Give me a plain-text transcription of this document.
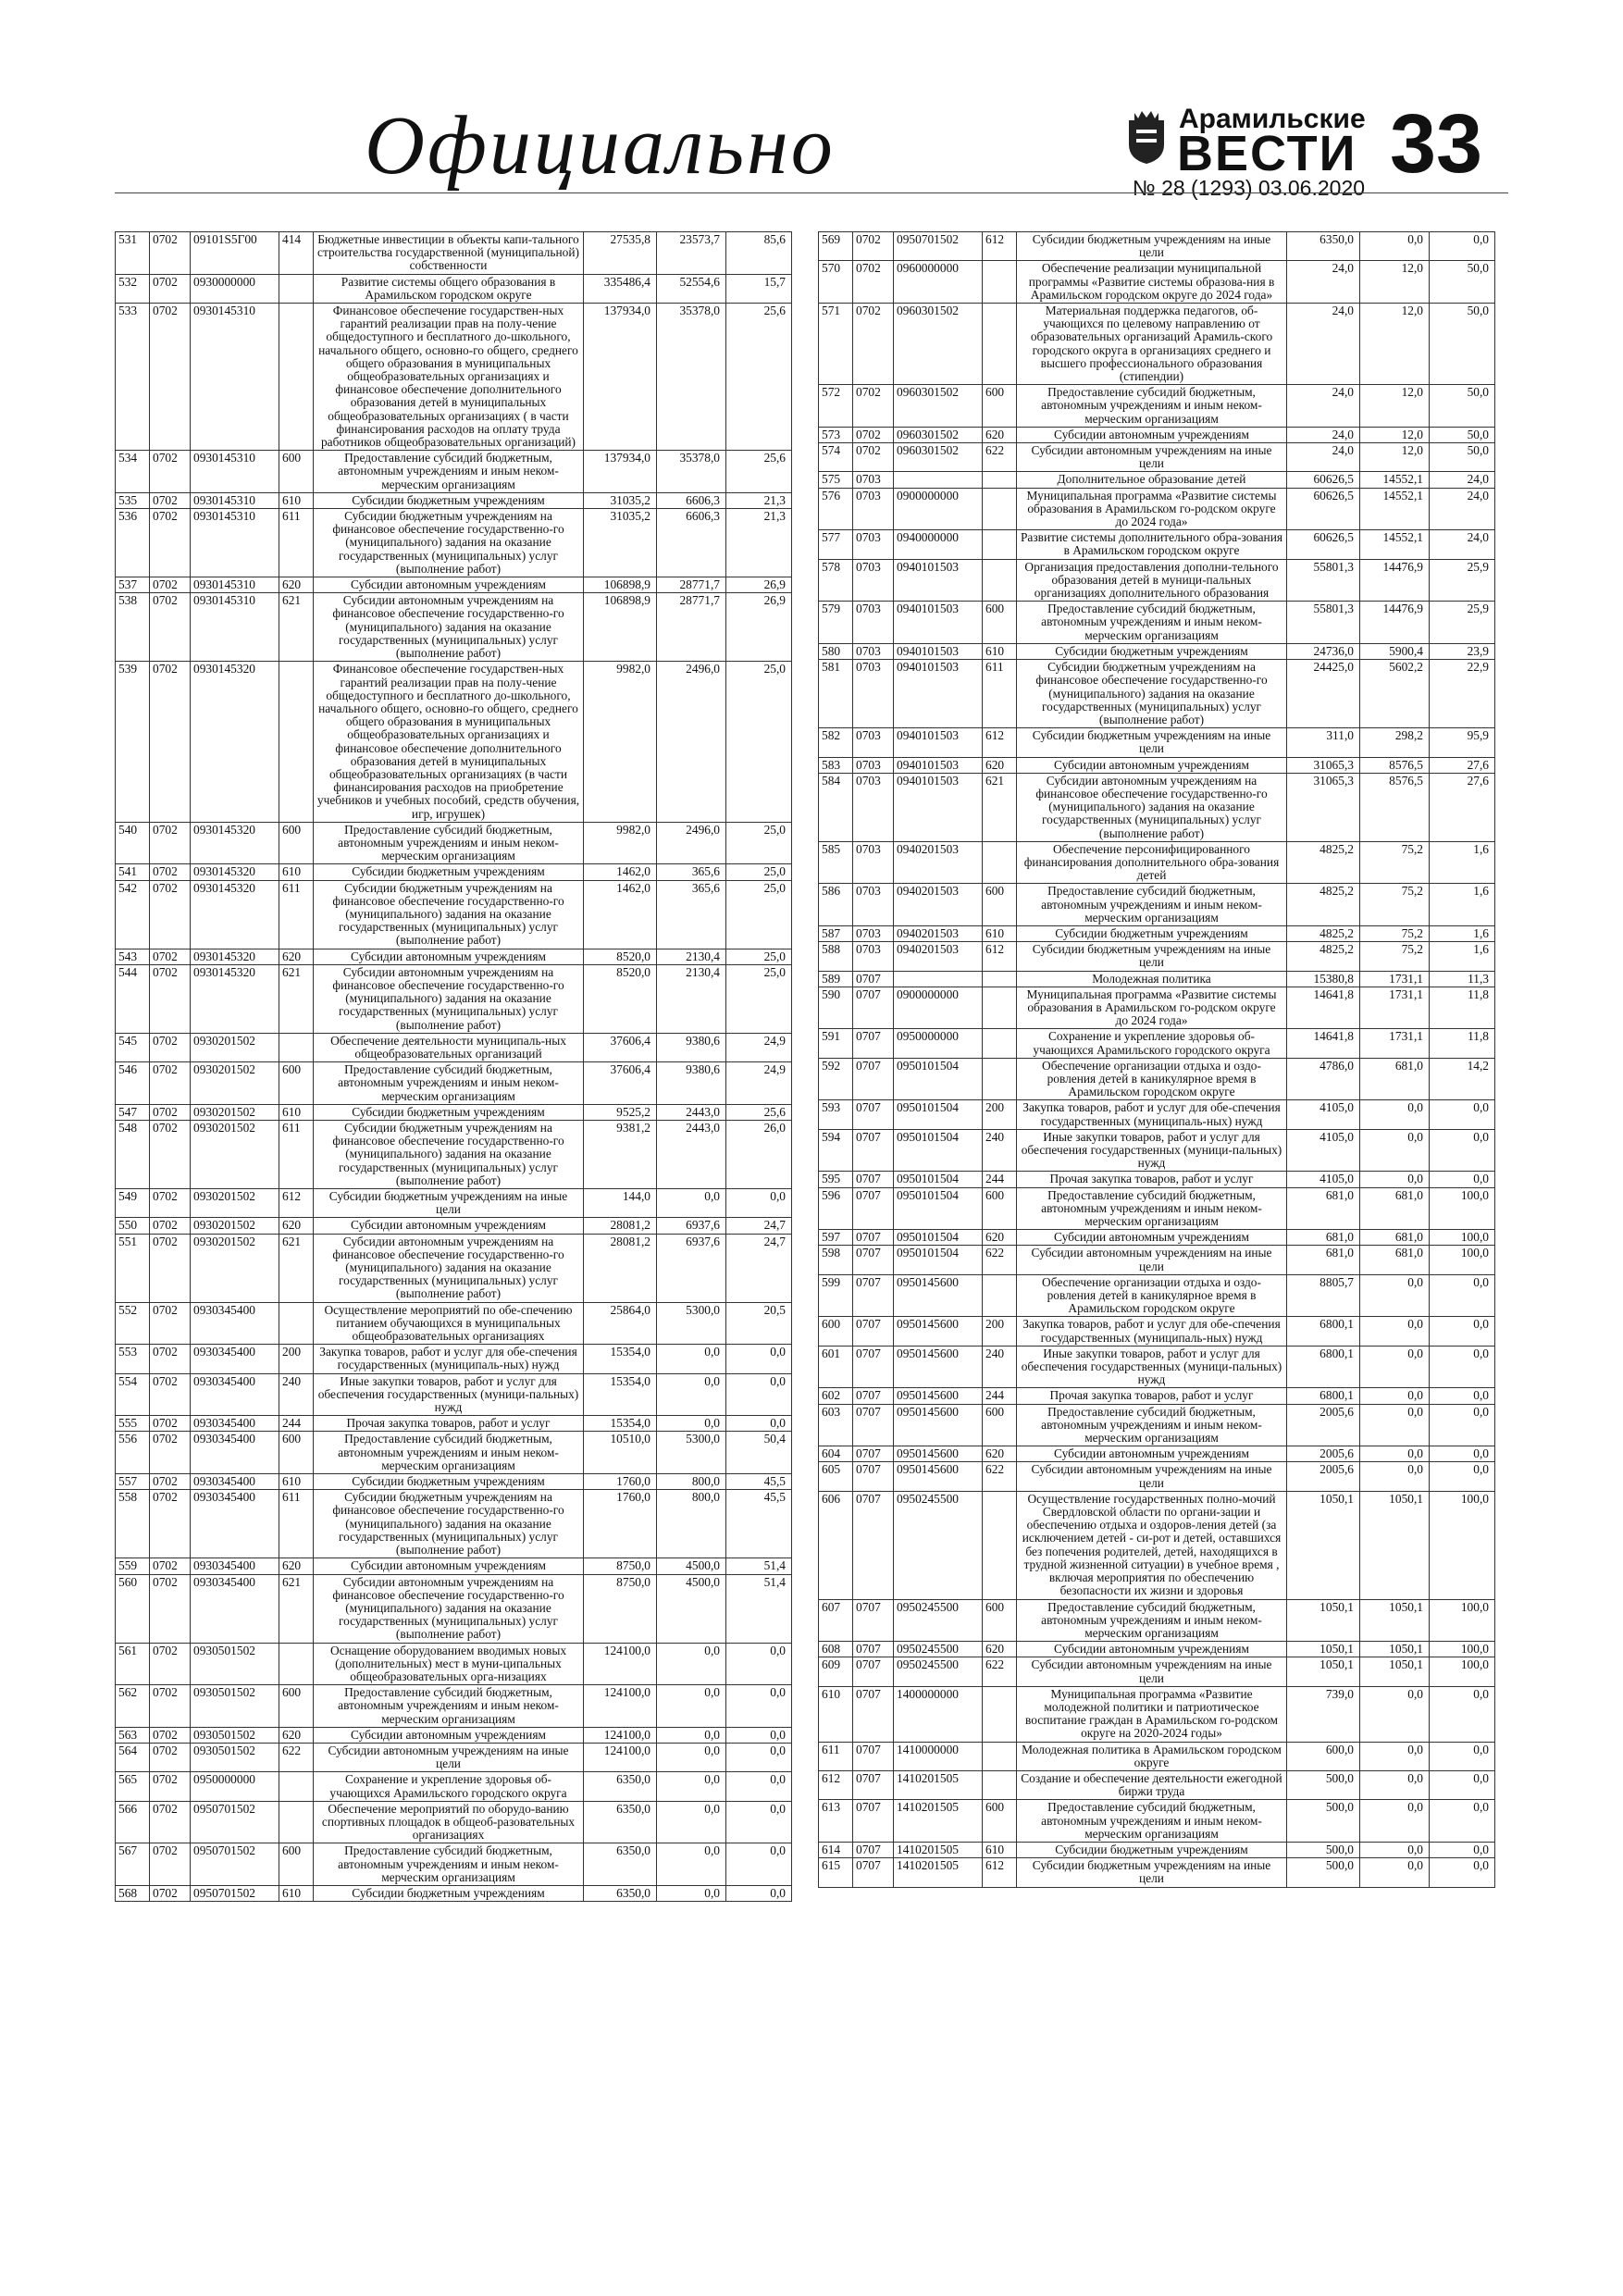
Официально	Арамильские
ВЕСТИ
№ 28 (1293) 03.06.2020 33
531	0702	09101S5Г00	414	Бюджетные инвестиции в объекты капи-тального строительства государственной (муниципальной) собственности	27535,8	23573,7	85,6
532	0702	0930000000		Развитие системы общего образования в Арамильском городском округе	335486,4	52554,6	15,7
533	0702	0930145310		Финансовое обеспечение государствен-ных гарантий реализации прав на полу-чение общедоступного и бесплатного до-школьного, начального общего, основно-го общего, среднего общего образования в муниципальных общеобразовательных организациях и финансовое обеспечение дополнительного образования детей в муниципальных общеобразовательных организациях ( в части финансирования расходов на оплату труда работников общеобразовательных организаций)	137934,0	35378,0	25,6
534	0702	0930145310	600	Предоставление субсидий бюджетным, автономным учреждениям и иным неком-мерческим организациям	137934,0	35378,0	25,6
535	0702	0930145310	610	Субсидии бюджетным учреждениям	31035,2	6606,3	21,3
536	0702	0930145310	611	Субсидии бюджетным учреждениям на финансовое обеспечение государственно-го (муниципального) задания на оказание государственных (муниципальных) услуг (выполнение работ)	31035,2	6606,3	21,3
537	0702	0930145310	620	Субсидии автономным учреждениям	106898,9	28771,7	26,9
538	0702	0930145310	621	Субсидии автономным учреждениям на финансовое обеспечение государственно-го (муниципального) задания на оказание государственных (муниципальных) услуг (выполнение работ)	106898,9	28771,7	26,9
539	0702	0930145320		Финансовое обеспечение государствен-ных гарантий реализации прав на полу-чение общедоступного и бесплатного до-школьного, начального общего, основно-го общего, среднего общего образования в муниципальных общеобразовательных организациях и финансовое обеспечение дополнительного образования детей в муниципальных общеобразовательных организациях (в части финансирования расходов на приобретение учебников и учебных пособий, средств обучения, игр, игрушек)	9982,0	2496,0	25,0
540	0702	0930145320	600	Предоставление субсидий бюджетным, автономным учреждениям и иным неком-мерческим организациям	9982,0	2496,0	25,0
541	0702	0930145320	610	Субсидии бюджетным учреждениям	1462,0	365,6	25,0
542	0702	0930145320	611	Субсидии бюджетным учреждениям на финансовое обеспечение государственно-го (муниципального) задания на оказание государственных (муниципальных) услуг (выполнение работ)	1462,0	365,6	25,0
543	0702	0930145320	620	Субсидии автономным учреждениям	8520,0	2130,4	25,0
544	0702	0930145320	621	Субсидии автономным учреждениям на финансовое обеспечение государственно-го (муниципального) задания на оказание государственных (муниципальных) услуг (выполнение работ)	8520,0	2130,4	25,0
545	0702	0930201502		Обеспечение деятельности муниципаль-ных общеобразовательных организаций	37606,4	9380,6	24,9
546	0702	0930201502	600	Предоставление субсидий бюджетным, автономным учреждениям и иным неком-мерческим организациям	37606,4	9380,6	24,9
547	0702	0930201502	610	Субсидии бюджетным учреждениям	9525,2	2443,0	25,6
548	0702	0930201502	611	Субсидии бюджетным учреждениям на финансовое обеспечение государственно-го (муниципального) задания на оказание государственных (муниципальных) услуг (выполнение работ)	9381,2	2443,0	26,0
549	0702	0930201502	612	Субсидии бюджетным учреждениям на иные цели	144,0	0,0	0,0
550	0702	0930201502	620	Субсидии автономным учреждениям	28081,2	6937,6	24,7
551	0702	0930201502	621	Субсидии автономным учреждениям на финансовое обеспечение государственно-го (муниципального) задания на оказание государственных (муниципальных) услуг (выполнение работ)	28081,2	6937,6	24,7
552	0702	0930345400		Осуществление мероприятий по обе-спечению питанием обучающихся в муниципальных общеобразовательных организациях	25864,0	5300,0	20,5
553	0702	0930345400	200	Закупка товаров, работ и услуг для обе-спечения государственных (муниципаль-ных) нужд	15354,0	0,0	0,0
554	0702	0930345400	240	Иные закупки товаров, работ и услуг для обеспечения государственных (муници-пальных) нужд	15354,0	0,0	0,0
555	0702	0930345400	244	Прочая закупка товаров, работ и услуг	15354,0	0,0	0,0
556	0702	0930345400	600	Предоставление субсидий бюджетным, автономным учреждениям и иным неком-мерческим организациям	10510,0	5300,0	50,4
557	0702	0930345400	610	Субсидии бюджетным учреждениям	1760,0	800,0	45,5
558	0702	0930345400	611	Субсидии бюджетным учреждениям на финансовое обеспечение государственно-го (муниципального) задания на оказание государственных (муниципальных) услуг (выполнение работ)	1760,0	800,0	45,5
559	0702	0930345400	620	Субсидии автономным учреждениям	8750,0	4500,0	51,4
560	0702	0930345400	621	Субсидии автономным учреждениям на финансовое обеспечение государственно-го (муниципального) задания на оказание государственных (муниципальных) услуг (выполнение работ)	8750,0	4500,0	51,4
561	0702	0930501502		Оснащение оборудованием вводимых новых (дополнительных) мест в муни-ципальных общеобразовательных орга-низациях	124100,0	0,0	0,0
562	0702	0930501502	600	Предоставление субсидий бюджетным, автономным учреждениям и иным неком-мерческим организациям	124100,0	0,0	0,0
563	0702	0930501502	620	Субсидии автономным учреждениям	124100,0	0,0	0,0
564	0702	0930501502	622	Субсидии автономным учреждениям на иные цели	124100,0	0,0	0,0
565	0702	0950000000		Сохранение и укрепление здоровья об-учающихся Арамильского городского округа	6350,0	0,0	0,0
566	0702	0950701502		Обеспечение мероприятий по оборудо-ванию спортивных площадок в общеоб-разовательных организациях	6350,0	0,0	0,0
567	0702	0950701502	600	Предоставление субсидий бюджетным, автономным учреждениям и иным неком-мерческим организациям	6350,0	0,0	0,0
568	0702	0950701502	610	Субсидии бюджетным учреждениям	6350,0	0,0	0,0
569	0702	0950701502	612	Субсидии бюджетным учреждениям на иные цели	6350,0	0,0	0,0
570	0702	0960000000		Обеспечение реализации муниципальной программы «Развитие системы образова-ния в Арамильском городском округе до 2024 года»	24,0	12,0	50,0
571	0702	0960301502		Материальная поддержка педагогов, об-учающихся по целевому направлению от образовательных организаций Арамиль-ского городского округа в организациях среднего и высшего профессионального образования (стипендии)	24,0	12,0	50,0
572	0702	0960301502	600	Предоставление субсидий бюджетным, автономным учреждениям и иным неком-мерческим организациям	24,0	12,0	50,0
573	0702	0960301502	620	Субсидии автономным учреждениям	24,0	12,0	50,0
574	0702	0960301502	622	Субсидии автономным учреждениям на иные цели	24,0	12,0	50,0
575	0703			Дополнительное образование детей	60626,5	14552,1	24,0
576	0703	0900000000		Муниципальная программа «Развитие системы образования в Арамильском го-родском округе до 2024 года»	60626,5	14552,1	24,0
577	0703	0940000000		Развитие системы дополнительного обра-зования в Арамильском городском округе	60626,5	14552,1	24,0
578	0703	0940101503		Организация предоставления дополни-тельного образования детей в муници-пальных организациях дополнительного образования	55801,3	14476,9	25,9
579	0703	0940101503	600	Предоставление субсидий бюджетным, автономным учреждениям и иным неком-мерческим организациям	55801,3	14476,9	25,9
580	0703	0940101503	610	Субсидии бюджетным учреждениям	24736,0	5900,4	23,9
581	0703	0940101503	611	Субсидии бюджетным учреждениям на финансовое обеспечение государственно-го (муниципального) задания на оказание государственных (муниципальных) услуг (выполнение работ)	24425,0	5602,2	22,9
582	0703	0940101503	612	Субсидии бюджетным учреждениям на иные цели	311,0	298,2	95,9
583	0703	0940101503	620	Субсидии автономным учреждениям	31065,3	8576,5	27,6
584	0703	0940101503	621	Субсидии автономным учреждениям на финансовое обеспечение государственно-го (муниципального) задания на оказание государственных (муниципальных) услуг (выполнение работ)	31065,3	8576,5	27,6
585	0703	0940201503		Обеспечение персонифицированного финансирования дополнительного обра-зования детей	4825,2	75,2	1,6
586	0703	0940201503	600	Предоставление субсидий бюджетным, автономным учреждениям и иным неком-мерческим организациям	4825,2	75,2	1,6
587	0703	0940201503	610	Субсидии бюджетным учреждениям	4825,2	75,2	1,6
588	0703	0940201503	612	Субсидии бюджетным учреждениям на иные цели	4825,2	75,2	1,6
589	0707			Молодежная политика	15380,8	1731,1	11,3
590	0707	0900000000		Муниципальная программа «Развитие системы образования в Арамильском го-родском округе до 2024 года»	14641,8	1731,1	11,8
591	0707	0950000000		Сохранение и укрепление здоровья об-учающихся Арамильского городского округа	14641,8	1731,1	11,8
592	0707	0950101504		Обеспечение организации отдыха и оздо-ровления детей в каникулярное время в Арамильском городском округе	4786,0	681,0	14,2
593	0707	0950101504	200	Закупка товаров, работ и услуг для обе-спечения государственных (муниципаль-ных) нужд	4105,0	0,0	0,0
594	0707	0950101504	240	Иные закупки товаров, работ и услуг для обеспечения государственных (муници-пальных) нужд	4105,0	0,0	0,0
595	0707	0950101504	244	Прочая закупка товаров, работ и услуг	4105,0	0,0	0,0
596	0707	0950101504	600	Предоставление субсидий бюджетным, автономным учреждениям и иным неком-мерческим организациям	681,0	681,0	100,0
597	0707	0950101504	620	Субсидии автономным учреждениям	681,0	681,0	100,0
598	0707	0950101504	622	Субсидии автономным учреждениям на иные цели	681,0	681,0	100,0
599	0707	0950145600		Обеспечение организации отдыха и оздо-ровления детей в каникулярное время в Арамильском городском округе	8805,7	0,0	0,0
600	0707	0950145600	200	Закупка товаров, работ и услуг для обе-спечения государственных (муниципаль-ных) нужд	6800,1	0,0	0,0
601	0707	0950145600	240	Иные закупки товаров, работ и услуг для обеспечения государственных (муници-пальных) нужд	6800,1	0,0	0,0
602	0707	0950145600	244	Прочая закупка товаров, работ и услуг	6800,1	0,0	0,0
603	0707	0950145600	600	Предоставление субсидий бюджетным, автономным учреждениям и иным неком-мерческим организациям	2005,6	0,0	0,0
604	0707	0950145600	620	Субсидии автономным учреждениям	2005,6	0,0	0,0
605	0707	0950145600	622	Субсидии автономным учреждениям на иные цели	2005,6	0,0	0,0
606	0707	0950245500		Осуществление государственных полно-мочий Свердловской области по органи-зации и обеспечению отдыха и оздоров-ления детей (за исключением детей - си-рот и детей, оставшихся без попечения родителей, детей, находящихся в трудной жизненной ситуации) в учебное время , включая мероприятия по обеспечению безопасности их жизни и здоровья	1050,1	1050,1	100,0
607	0707	0950245500	600	Предоставление субсидий бюджетным, автономным учреждениям и иным неком-мерческим организациям	1050,1	1050,1	100,0
608	0707	0950245500	620	Субсидии автономным учреждениям	1050,1	1050,1	100,0
609	0707	0950245500	622	Субсидии автономным учреждениям на иные цели	1050,1	1050,1	100,0
610	0707	1400000000		Муниципальная программа «Развитие молодежной политики и патриотическое воспитание граждан в Арамильском го-родском округе на 2020-2024 годы»	739,0	0,0	0,0
611	0707	1410000000		Молодежная политика в Арамильском городском округе	600,0	0,0	0,0
612	0707	1410201505		Создание и обеспечение деятельности ежегодной биржи труда	500,0	0,0	0,0
613	0707	1410201505	600	Предоставление субсидий бюджетным, автономным учреждениям и иным неком-мерческим организациям	500,0	0,0	0,0
614	0707	1410201505	610	Субсидии бюджетным учреждениям	500,0	0,0	0,0
615	0707	1410201505	612	Субсидии бюджетным учреждениям на иные цели	500,0	0,0	0,0
